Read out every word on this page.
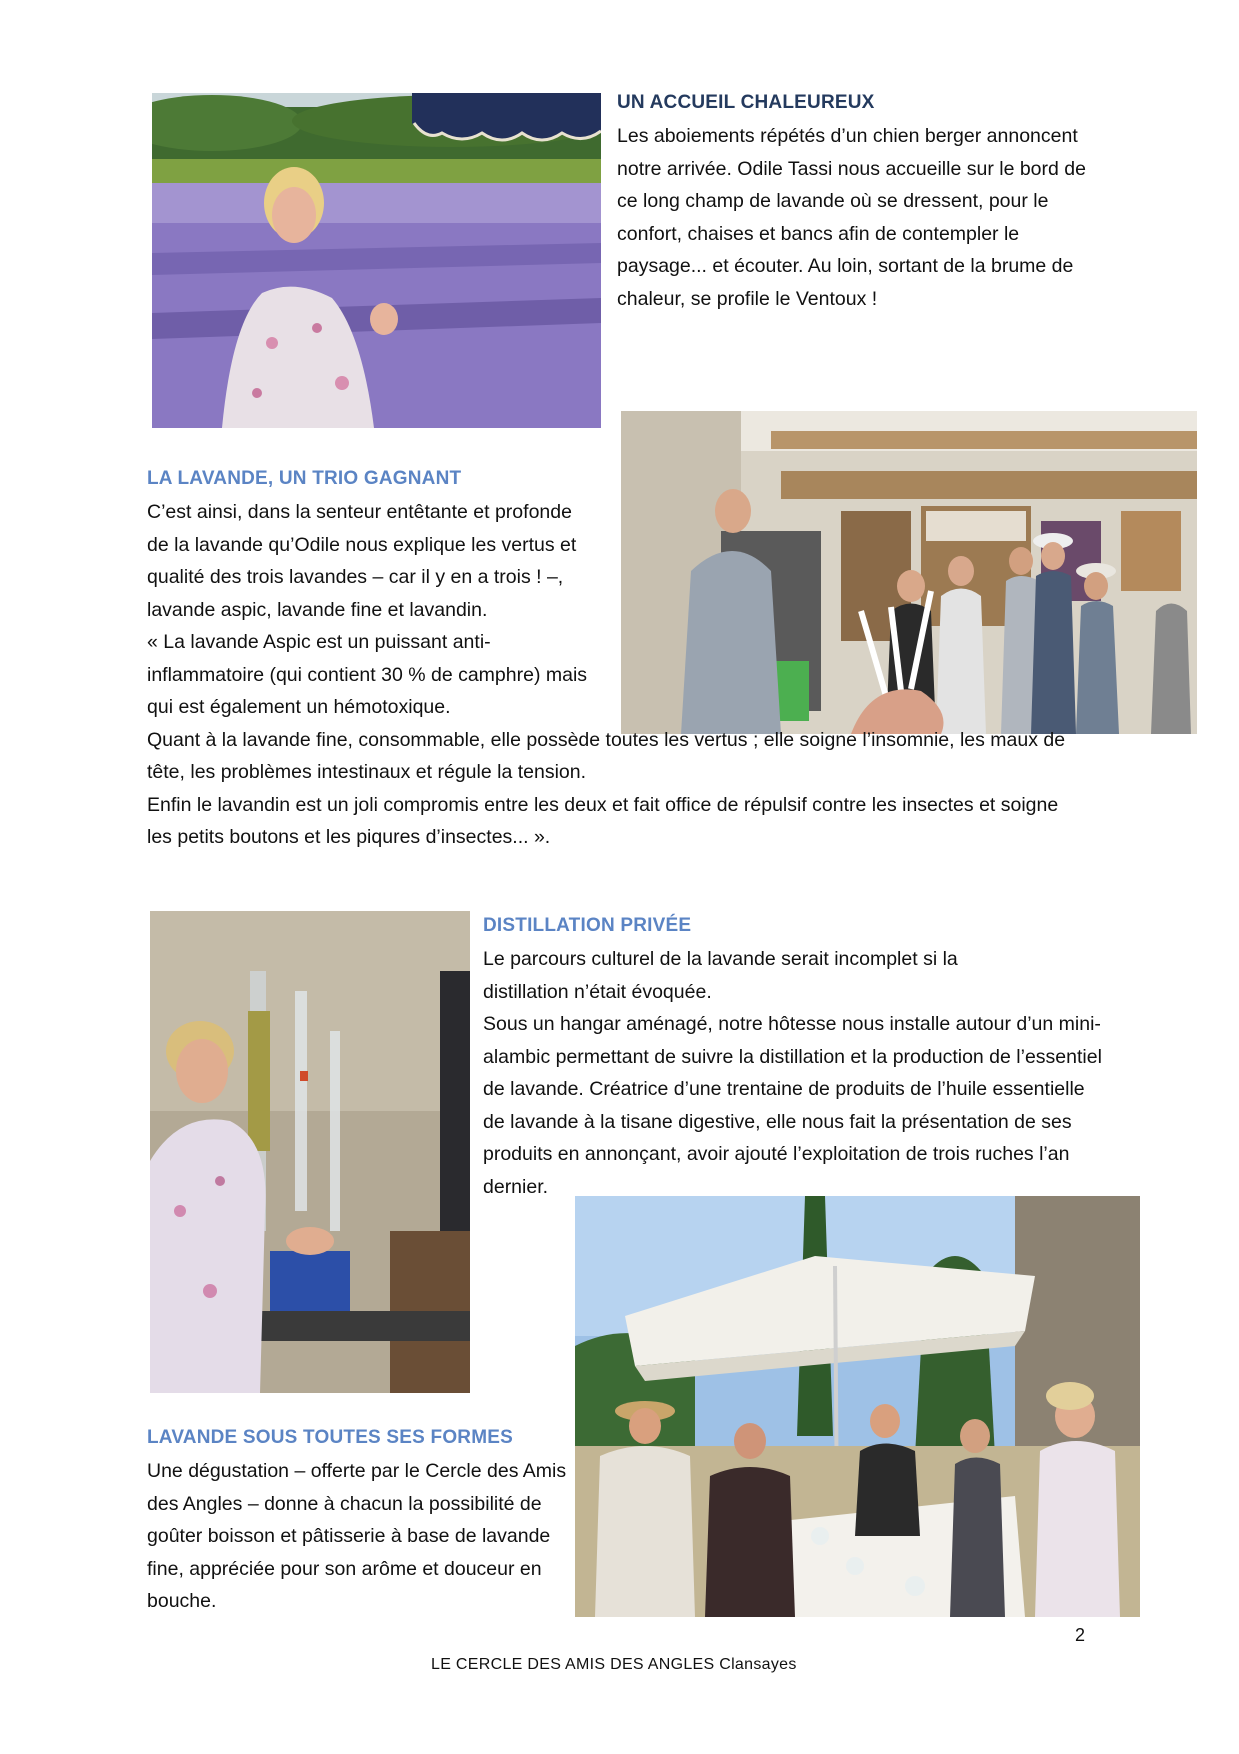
UN ACCUEIL CHALEUREUX

Les aboiements répétés d’un chien berger annoncent notre arrivée. Odile Tassi nous accueille sur le bord de ce long champ de lavande où se dressent, pour le confort, chaises et bancs afin de contempler le paysage... et écouter. Au loin, sortant de la brume de chaleur, se profile le Ventoux !

LA LAVANDE, UN TRIO GAGNANT

C’est ainsi, dans la senteur entêtante et profonde de la lavande qu’Odile nous explique les vertus et qualité des trois lavandes – car il y en a trois ! –, lavande aspic, lavande fine et lavandin.

« La lavande Aspic est un puissant anti-inflammatoire (qui contient 30 % de camphre) mais qui est également un hémotoxique.

Quant à la lavande fine, consommable, elle possède toutes les vertus ; elle soigne l’insomnie, les maux de tête, les problèmes intestinaux et régule la tension.

Enfin le lavandin est un joli compromis entre les deux et fait office de répulsif contre les insectes et soigne les petits boutons et les piqures d’insectes... ».

DISTILLATION PRIVÉE

Le parcours culturel de la lavande serait incomplet si la distillation n’était évoquée.

Sous un hangar aménagé, notre hôtesse nous installe autour d’un mini-alambic permettant de suivre la distillation et la production de l’essentiel de lavande. Créatrice d’une trentaine de produits de l’huile essentielle de lavande à la tisane digestive, elle nous fait la présentation de ses produits en annonçant, avoir ajouté l’exploitation de trois ruches l’an dernier.

LAVANDE SOUS TOUTES SES FORMES

Une dégustation – offerte par le Cercle des Amis des Angles – donne à chacun la possibilité de goûter boisson et pâtisserie à base de lavande fine, appréciée pour son arôme et douceur en bouche.

2
LE CERCLE DES AMIS DES ANGLES Clansayes
